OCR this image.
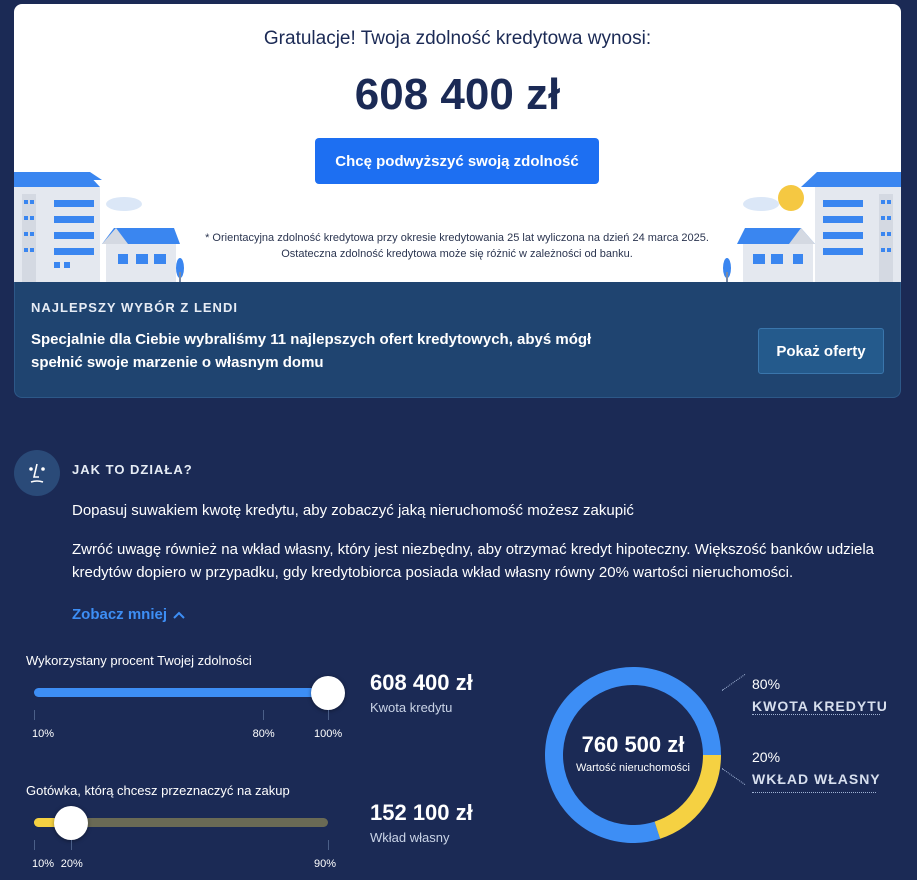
Gratulacje! Twoja zdolność kredytowa wynosi:
608 400 zł
Chcę podwyższyć swoją zdolność
* Orientacyjna zdolność kredytowa przy okresie kredytowania 25 lat wyliczona na dzień 24 marca 2025. Ostateczna zdolność kredytowa może się różnić w zależności od banku.
NAJLEPSZY WYBÓR Z LENDI
Specjalnie dla Ciebie wybraliśmy 11 najlepszych ofert kredytowych, abyś mógł spełnić swoje marzenie o własnym domu
Pokaż oferty
JAK TO DZIAŁA?
Dopasuj suwakiem kwotę kredytu, aby zobaczyć jaką nieruchomość możesz zakupić
Zwróć uwagę również na wkład własny, który jest niezbędny, aby otrzymać kredyt hipoteczny. Większość banków udziela kredytów dopiero w przypadku, gdy kredytobiorca posiada wkład własny równy 20% wartości nieruchomości.
Zobacz mniej
Wykorzystany procent Twojej zdolności
10%	80%	100%
608 400 zł
Kwota kredytu
Gotówka, którą chcesz przeznaczyć na zakup
10% 20%	90%
152 100 zł
Wkład własny
760 500 zł
Wartość nieruchomości
80%
KWOTA KREDYTU
20%
WKŁAD WŁASNY
